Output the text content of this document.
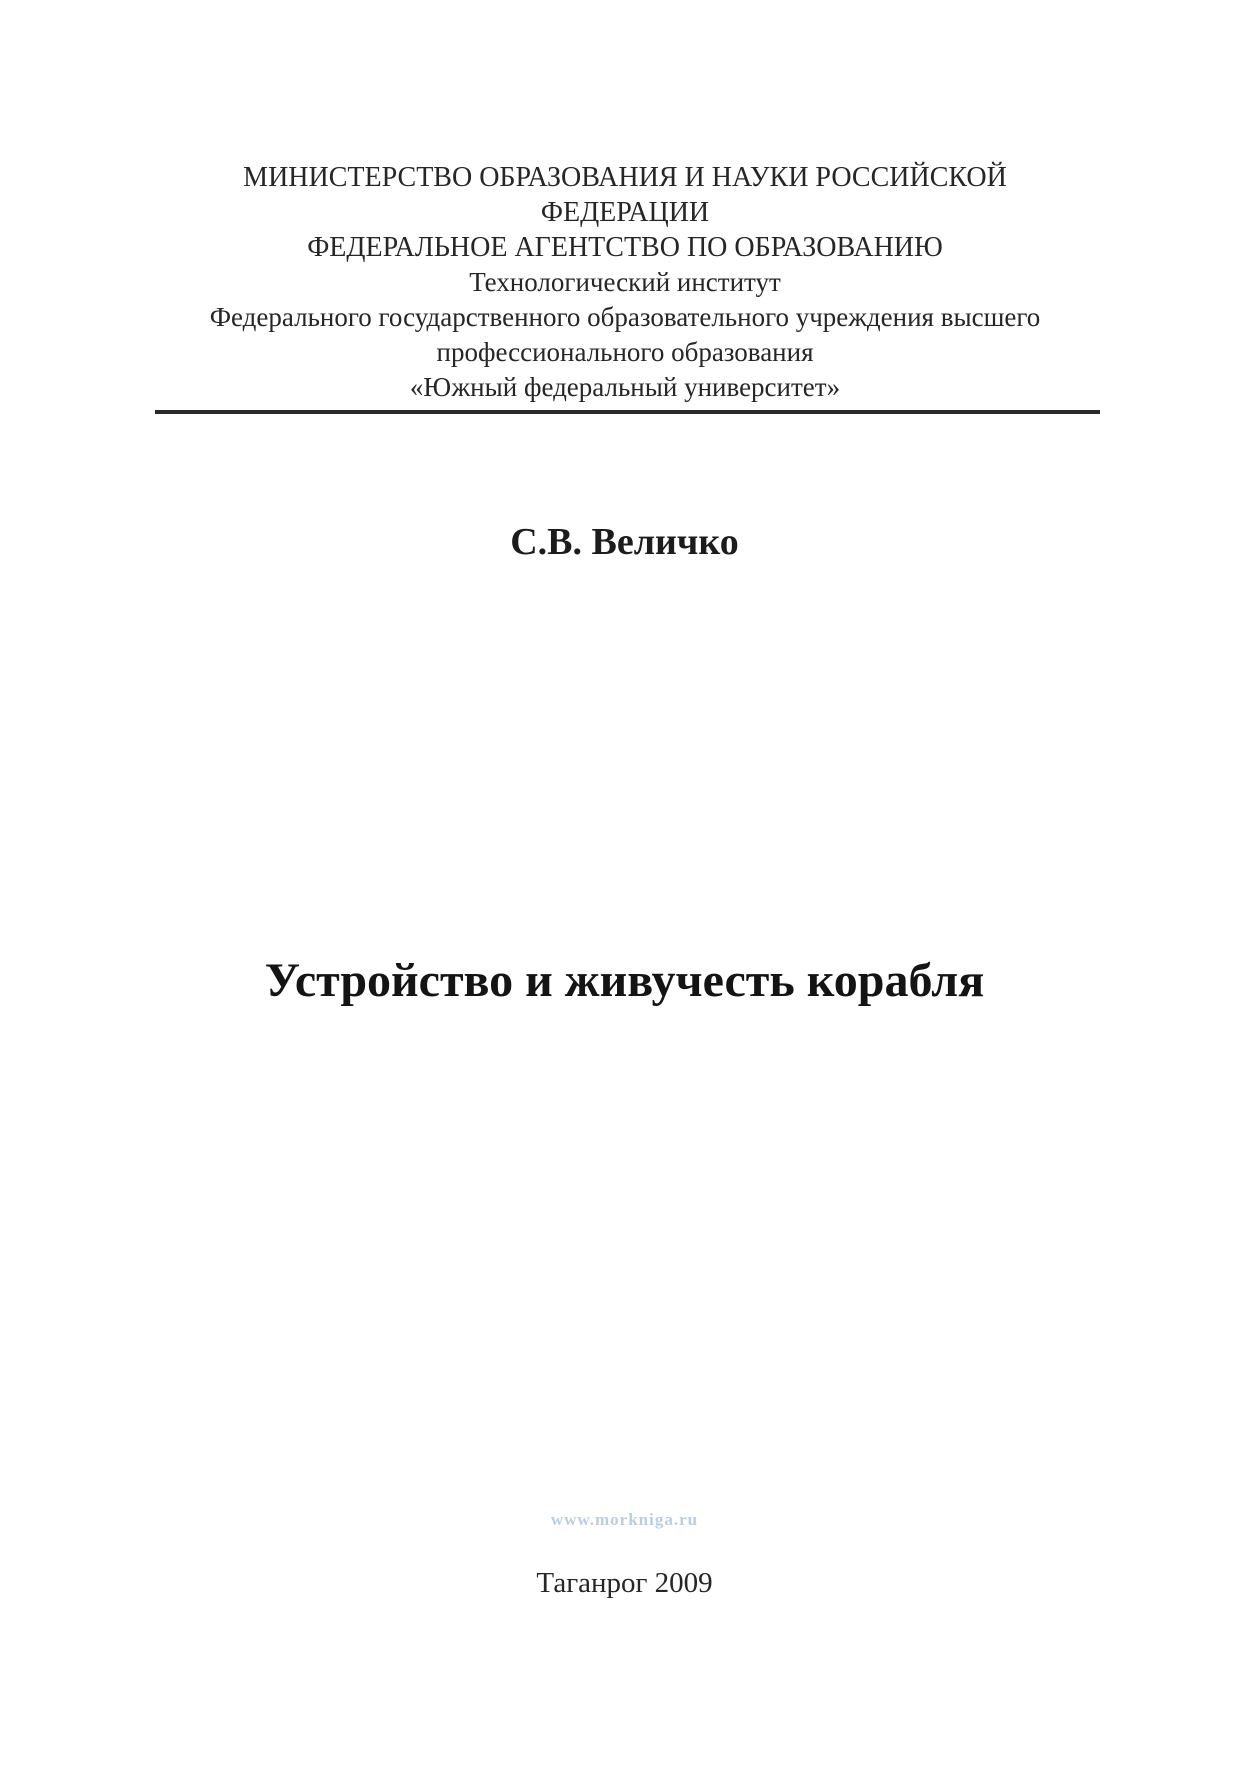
МИНИСТЕРСТВО ОБРАЗОВАНИЯ И НАУКИ РОССИЙСКОЙ
ФЕДЕРАЦИИ
ФЕДЕРАЛЬНОЕ АГЕНТСТВО ПО ОБРАЗОВАНИЮ
Технологический институт
Федерального государственного образовательного учреждения высшего
профессионального образования
«Южный федеральный университет»
С.В. Величко
Устройство и живучесть корабля
www.morkniga.ru
Таганрог 2009
